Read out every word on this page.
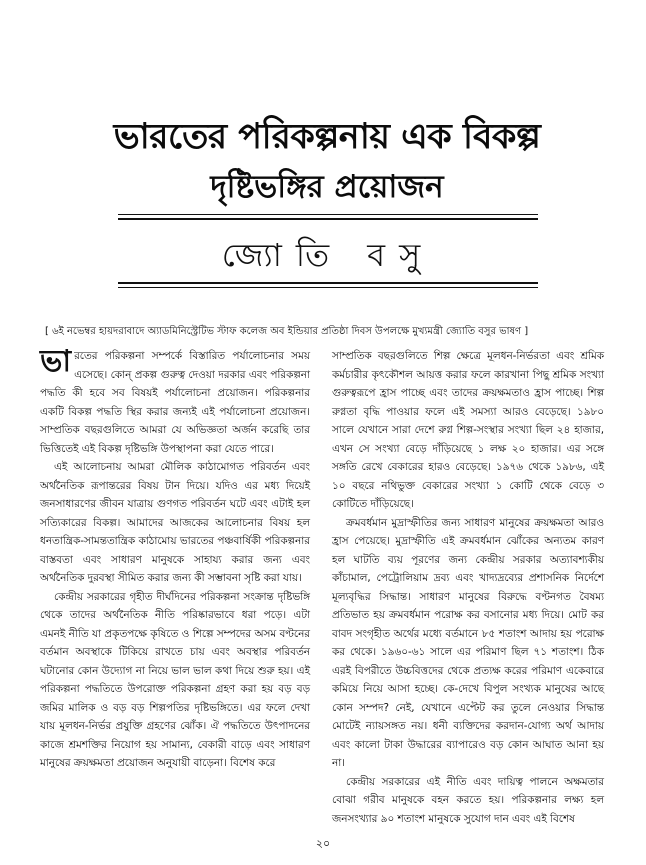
ভারতের পরিকল্পনায় এক বিকল্প
দৃষ্টিভঙ্গির প্রয়োজন
জ্যোতি বসু
[ ৬ই নভেম্বর হায়দরাবাদে অ্যাডমিনিস্ট্রেটিভ স্টাফ কলেজ অব ইন্ডিয়ার প্রতিষ্ঠা দিবস উপলক্ষে মুখ্যমন্ত্রী জ্যোতি বসুর ভাষণ ]

ভারতের পরিকল্পনা সম্পর্কে বিস্তারিত পর্যালোচনার সময় এসেছে। কোন্ প্রকল্প গুরুত্ব দেওয়া দরকার এবং পরিকল্পনা পদ্ধতি কী হবে সব বিষয়ই পর্যালোচনা প্রয়োজন। পরিকল্পনার একটি বিকল্প পদ্ধতি স্থির করার জন্যই এই পর্যালোচনা প্রয়োজন। সাম্প্রতিক বছরগুলিতে আমরা যে অভিজ্ঞতা অর্জন করেছি তার ভিত্তিতেই এই বিকল্প দৃষ্টিভঙ্গি উপস্থাপনা করা যেতে পারে।

এই আলোচনায় আমরা মৌলিক কাঠামোগত পরিবর্তন এবং অর্থনৈতিক রূপান্তরের বিষয় টান দিয়ে। যদিও এর মধ্য দিয়েই জনসাধারণের জীবন যাত্রায় গুণগত পরিবর্তন ঘটে এবং এটাই হল সত্যিকারের বিকল্প। আমাদের আজকের আলোচনার বিষয় হল ধনতান্ত্রিক-সামন্ততান্ত্রিক কাঠামোয় ভারতের পঞ্চবার্ষিকী পরিকল্পনার বাস্তবতা এবং সাধারণ মানুষকে সাহায্য করার জন্য এবং অর্থনৈতিক দুরবস্থা সীমিত করার জন্য কী সম্ভাবনা সৃষ্টি করা যায়।

কেন্দ্রীয় সরকারের গৃহীত দীর্ঘদিনের পরিকল্পনা সংক্রান্ত দৃষ্টিভঙ্গি থেকে তাদের অর্থনৈতিক নীতি পরিষ্কারভাবে ধরা পড়ে। এটা এমনই নীতি যা প্রকৃতপক্ষে কৃষিতে ও শিল্পে সম্পদের অসম বণ্টনের বর্তমান অবস্থাকে টিকিয়ে রাখতে চায় এবং অবস্থার পরিবর্তন ঘটানোর কোন উদ্যোগ না নিয়ে ভাল ভাল কথা দিয়ে শুরু হয়। এই পরিকল্পনা পদ্ধতিতে উপরোক্ত পরিকল্পনা গ্রহণ করা হয় বড় বড় জমির মালিক ও বড় বড় শিল্পপতির দৃষ্টিভঙ্গিতে। এর ফলে দেখা যায় মূলধন-নির্ভর প্রযুক্তি গ্রহণের ঝোঁক। ঐ পদ্ধতিতে উৎপাদনের কাজে শ্রমশক্তির নিয়োগ হয় সামান্য, বেকারী বাড়ে এবং সাধারণ মানুষের ক্রয়ক্ষমতা প্রয়োজন অনুযায়ী বাড়েনা। বিশেষ করে

সাম্প্রতিক বছরগুলিতে শিল্প ক্ষেত্রে মূলধন-নির্ভরতা এবং শ্রমিক কর্মচারীর কৃৎকৌশল আয়ত্ত করার ফলে কারখানা পিছু শ্রমিক সংখ্যা গুরুত্বরূপে হ্রাস পাচ্ছে এবং তাদের ক্রয়ক্ষমতাও হ্রাস পাচ্ছে। শিল্প রুগ্নতা বৃদ্ধি পাওয়ার ফলে এই সমস্যা আরও বেড়েছে। ১৯৮০ সালে যেখানে সারা দেশে রুগ্ন শিল্প-সংস্থার সংখ্যা ছিল ২৪ হাজার, এখন সে সংখ্যা বেড়ে দাঁড়িয়েছে ১ লক্ষ ২০ হাজার। এর সঙ্গে সঙ্গতি রেখে বেকারের হারও বেড়েছে। ১৯৭৬ থেকে ১৯৮৬, এই ১০ বছরে নথিভুক্ত বেকারের সংখ্যা ১ কোটি থেকে বেড়ে ৩ কোটিতে দাঁড়িয়েছে।

ক্রমবর্ধমান মুদ্রাস্ফীতির জন্য সাধারণ মানুষের ক্রয়ক্ষমতা আরও হ্রাস পেয়েছে। মুদ্রাস্ফীতি এই ক্রমবর্ধমান ঝোঁকের অন্যতম কারণ হল ঘাটতি ব্যয় পূরণের জন্য কেন্দ্রীয় সরকার অত্যাবশ্যকীয় কাঁচামাল, পেট্রোলিয়াম দ্রব্য এবং খাদ্যদ্রব্যের প্রশাসনিক নির্দেশে মূল্যবৃদ্ধির সিদ্ধান্ত। সাধারণ মানুষের বিরুদ্ধে বণ্টনগত বৈষম্য প্রতিভাত হয় ক্রমবর্ধমান পরোক্ষ কর বসানোর মধ্য দিয়ে। মোট কর বাবদ সংগৃহীত অর্থের মধ্যে বর্তমানে ৮৫ শতাংশ আদায় হয় পরোক্ষ কর থেকে। ১৯৬০-৬১ সালে এর পরিমাণ ছিল ৭১ শতাংশ। ঠিক এরই বিপরীতে উচ্চবিত্তদের থেকে প্রত্যক্ষ করের পরিমাণ একেবারে কমিয়ে নিয়ে আসা হচ্ছে। কে-দেখে বিপুল সংখ্যক মানুষের আছে কোন সম্পদ? নেই, যেখানে এপ্টেট কর তুলে নেওয়ার সিদ্ধান্ত মোটেই ন্যায়সঙ্গত নয়। ধনী ব্যক্তিদের করদান-যোগ্য অর্থ আদায় এবং কালো টাকা উদ্ধারের ব্যাপারেও বড় কোন আঘাত আনা হয় না।

কেন্দ্রীয় সরকারের এই নীতি এবং দায়িত্ব পালনে অক্ষমতার বোঝা গরীব মানুষকে বহন করতে হয়। পরিকল্পনার লক্ষ্য হল জনসংখ্যার ৯০ শতাংশ মানুষকে সুযোগ দান এবং এই বিশেষ

২০
